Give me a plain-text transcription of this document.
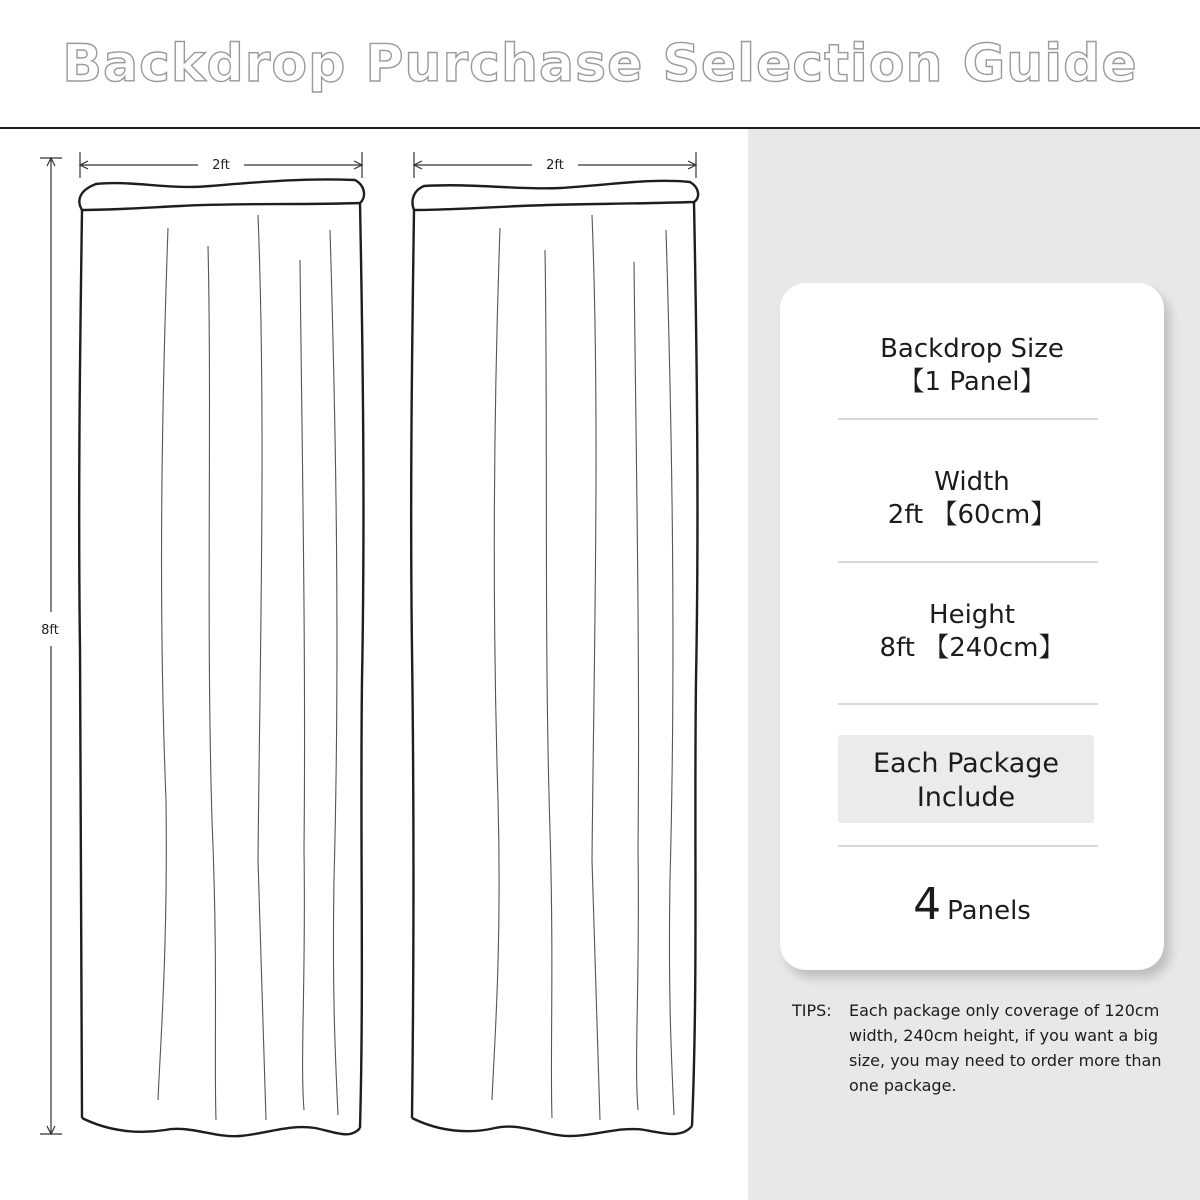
Backdrop Purchase Selection Guide
2ft
8ft
2ft
Backdrop Size
【1 Panel】
Width
2ft 【60cm】
Height
8ft 【240cm】
Each Package
Include
4 Panels
TIPS: Each package only coverage of 120cm width, 240cm height, if you want a big size, you may need to order more than one package.
